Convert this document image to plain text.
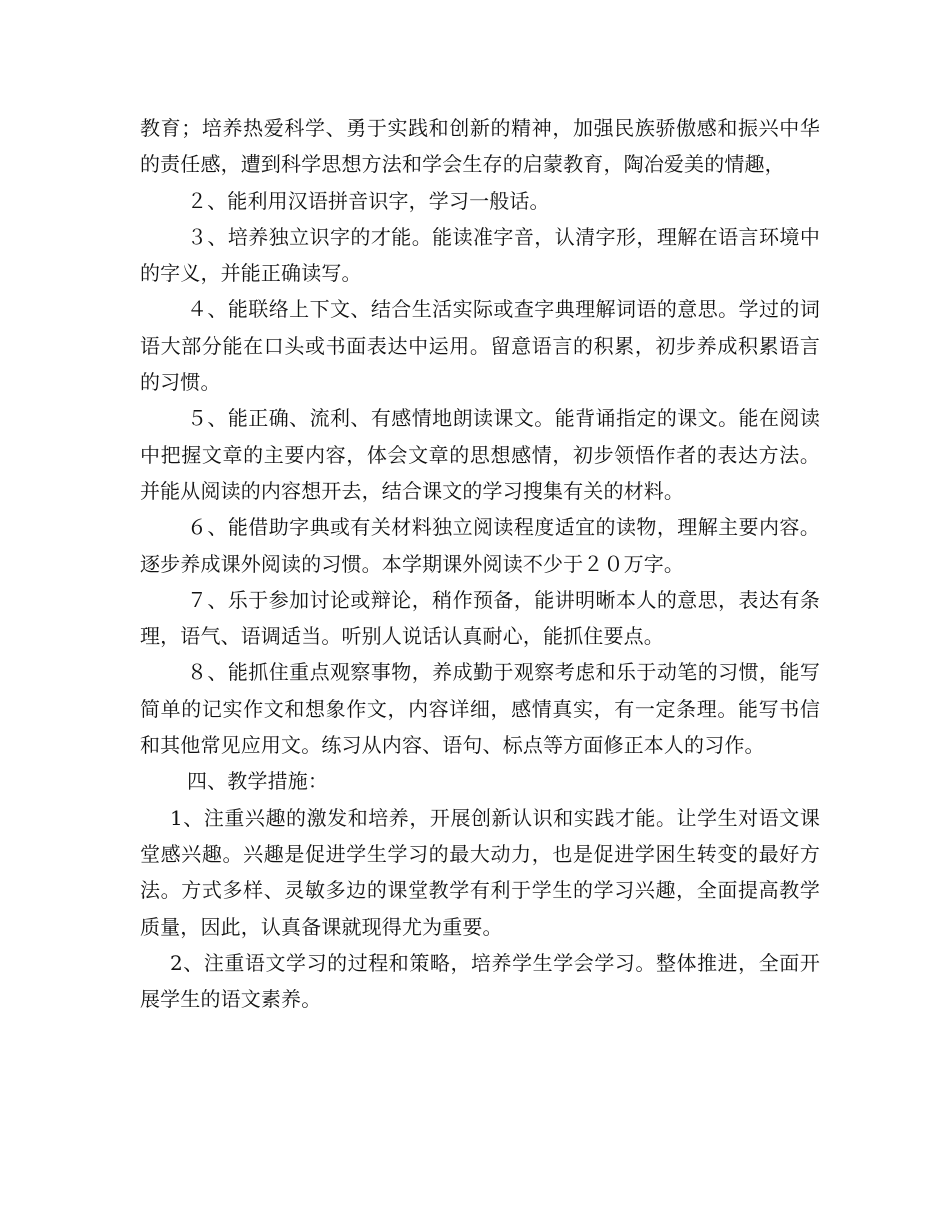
教育；培养热爱科学、勇于实践和创新的精神，加强民族骄傲感和振兴中华的责任感，遭到科学思想方法和学会生存的启蒙教育，陶冶爱美的情趣，

２、能利用汉语拼音识字，学习一般话。

３、培养独立识字的才能。能读准字音，认清字形，理解在语言环境中的字义，并能正确读写。

４、能联络上下文、结合生活实际或查字典理解词语的意思。学过的词语大部分能在口头或书面表达中运用。留意语言的积累，初步养成积累语言的习惯。

５、能正确、流利、有感情地朗读课文。能背诵指定的课文。能在阅读中把握文章的主要内容，体会文章的思想感情，初步领悟作者的表达方法。并能从阅读的内容想开去，结合课文的学习搜集有关的材料。

６、能借助字典或有关材料独立阅读程度适宜的读物，理解主要内容。逐步养成课外阅读的习惯。本学期课外阅读不少于２０万字。

７、乐于参加讨论或辩论，稍作预备，能讲明晰本人的意思，表达有条理，语气、语调适当。听别人说话认真耐心，能抓住要点。

８、能抓住重点观察事物，养成勤于观察考虑和乐于动笔的习惯，能写简单的记实作文和想象作文，内容详细，感情真实，有一定条理。能写书信和其他常见应用文。练习从内容、语句、标点等方面修正本人的习作。

四、教学措施：

1、注重兴趣的激发和培养，开展创新认识和实践才能。让学生对语文课堂感兴趣。兴趣是促进学生学习的最大动力，也是促进学困生转变的最好方法。方式多样、灵敏多边的课堂教学有利于学生的学习兴趣，全面提高教学质量，因此，认真备课就现得尤为重要。

2、注重语文学习的过程和策略，培养学生学会学习。整体推进，全面开展学生的语文素养。
